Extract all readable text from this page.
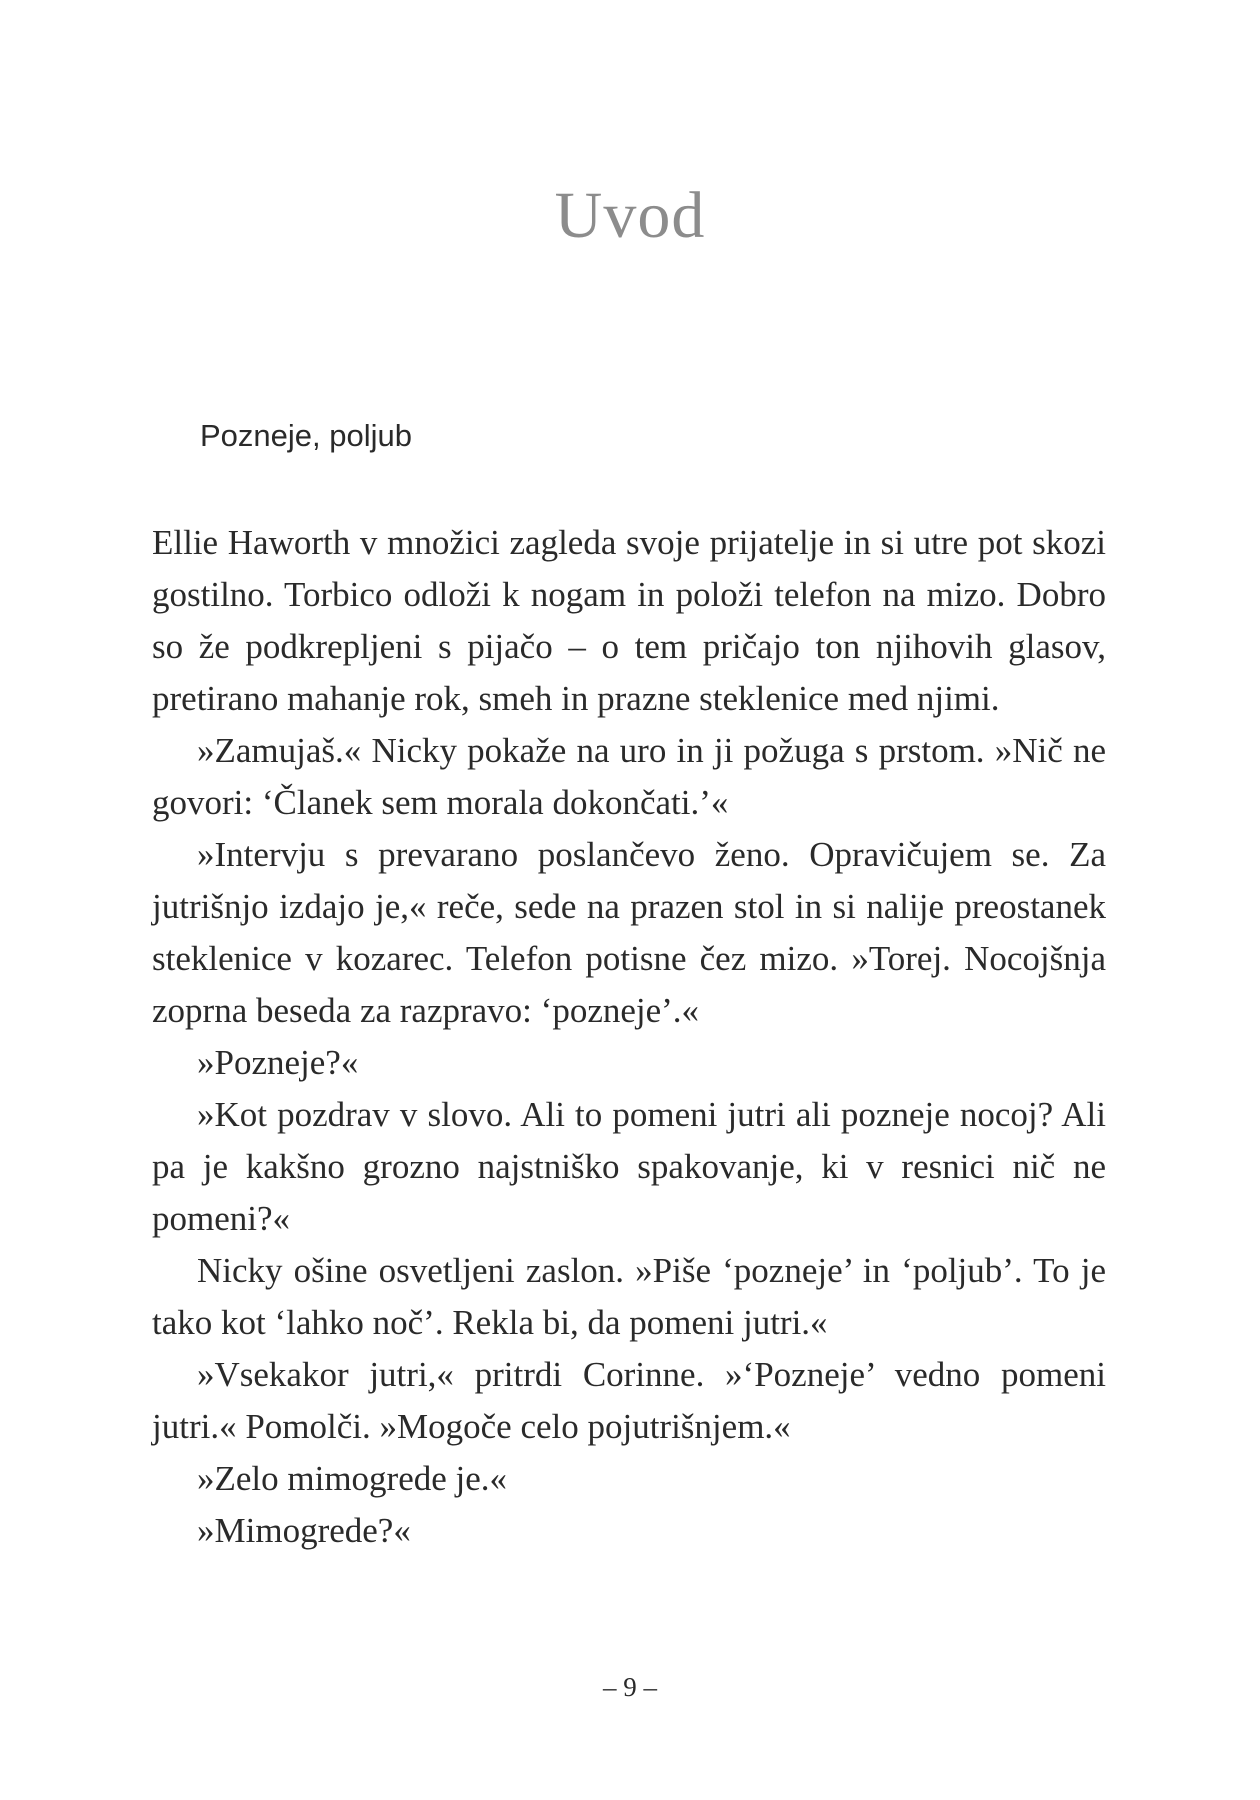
Uvod
Pozneje, poljub

Ellie Haworth v množici zagleda svoje prijatelje in si utre pot skozi gostilno. Torbico odloži k nogam in položi telefon na mizo. Dobro so že podkrepljeni s pijačo – o tem pričajo ton njihovih glasov, pretirano mahanje rok, smeh in prazne steklenice med njimi.

»Zamujaš.« Nicky pokaže na uro in ji požuga s prstom. »Nič ne govori: ‘Članek sem morala dokončati.’«

»Intervju s prevarano poslančevo ženo. Opravičujem se. Za jutrišnjo izdajo je,« reče, sede na prazen stol in si nalije preostanek steklenice v kozarec. Telefon potisne čez mizo. »Torej. Nocojšnja zoprna beseda za razpravo: ‘pozneje’.«

»Pozneje?«

»Kot pozdrav v slovo. Ali to pomeni jutri ali pozneje nocoj? Ali pa je kakšno grozno najstniško spakovanje, ki v resnici nič ne pomeni?«

Nicky ošine osvetljeni zaslon. »Piše ‘pozneje’ in ‘poljub’. To je tako kot ‘lahko noč’. Rekla bi, da pomeni jutri.«

»Vsekakor jutri,« pritrdi Corinne. »‘Pozneje’ vedno pomeni jutri.« Pomolči. »Mogoče celo pojutrišnjem.«

»Zelo mimogrede je.«

»Mimogrede?«

– 9 –
